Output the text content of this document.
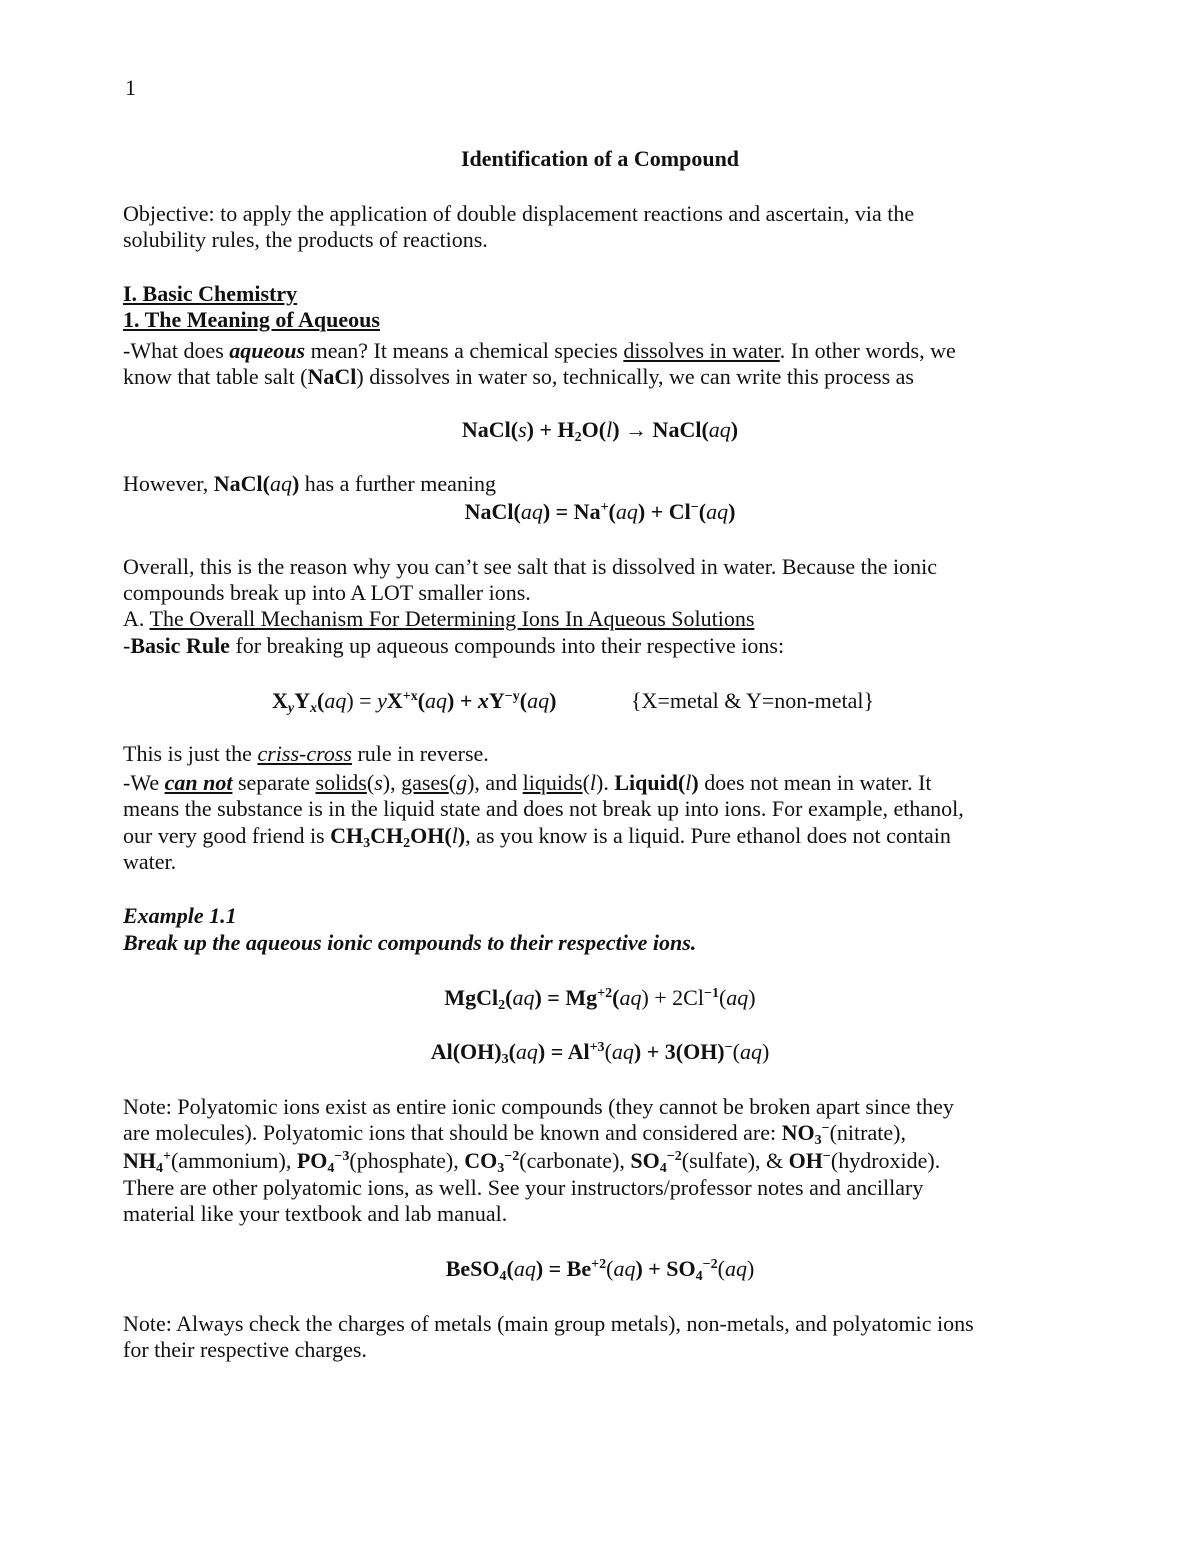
1
Identification of a Compound
Objective: to apply the application of double displacement reactions and ascertain, via the
solubility rules, the products of reactions.
I. Basic Chemistry
1. The Meaning of Aqueous
-What does aqueous mean? It means a chemical species dissolves in water. In other words, we
know that table salt (NaCl) dissolves in water so, technically, we can write this process as
NaCl(s) + $H_2O(l)$ → NaCl(aq)
However, NaCl(aq) has a further meaning
NaCl(aq) = Na+(aq) + Cl−(aq)
Overall, this is the reason why you can’t see salt that is dissolved in water. Because the ionic
compounds break up into A LOT smaller ions.
A. The Overall Mechanism For Determining Ions In Aqueous Solutions
-Basic Rule for breaking up aqueous compounds into their respective ions:
$X_yY_x(aq) = yX^{+x}(aq) + xY^{-y}(aq)$	{X=metal & Y=non-metal}
This is just the criss-cross rule in reverse.
-We can not separate solids(s), gases(g), and liquids(l). Liquid(l) does not mean in water. It
means the substance is in the liquid state and does not break up into ions. For example, ethanol,
our very good friend is $CH_3CH_2OH(l)$, as you know is a liquid. Pure ethanol does not contain
water.
Example 1.1
Break up the aqueous ionic compounds to their respective ions.
MgCl$_2$(aq) = $Mg^{+2}(aq) + 2Cl^{-1}(aq)$
$Al(OH)_3(aq) = Al^{+3}(aq) + 3(OH)^-(aq)$
Note: Polyatomic ions exist as entire ionic compounds (they cannot be broken apart since they
are molecules). Polyatomic ions that should be known and considered are: $NO_3^-(nitrate)$,
$NH_4^+(ammonium)$, $PO_4^{-3}(phosphate)$, $CO_3^{-2}(carbonate)$, $SO_4^{-2}(sulfate)$, & OH−(hydroxide).
There are other polyatomic ions, as well. See your instructors/professor notes and ancillary
material like your textbook and lab manual.
BeSO$_4$(aq) = $Be^{+2}(aq) + SO_4^{-2}(aq)$
Note: Always check the charges of metals (main group metals), non-metals, and polyatomic ions
for their respective charges.
